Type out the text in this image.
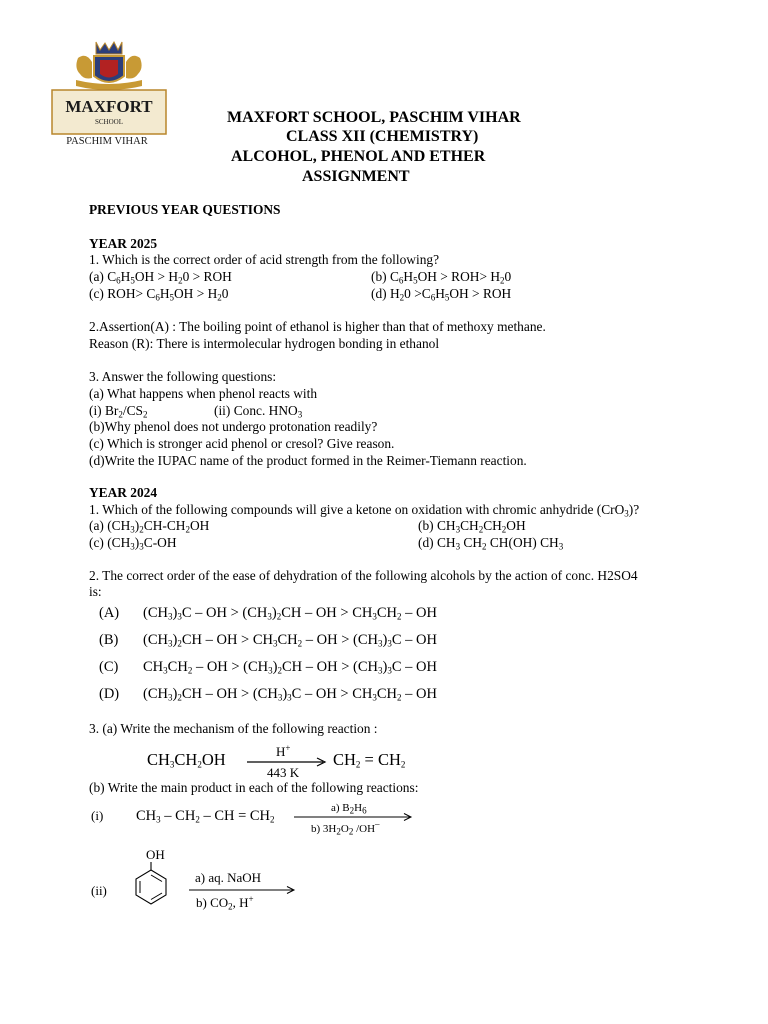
MAXFORT
SCHOOL
PASCHIM VIHAR
MAXFORT SCHOOL, PASCHIM VIHAR
CLASS XII (CHEMISTRY)
ALCOHOL, PHENOL AND ETHER
ASSIGNMENT
PREVIOUS YEAR QUESTIONS
YEAR 2025
1. Which is the correct order of acid strength from the following?
(a) $C_6H_5OH > H_20$ > ROH	(b) $C_6H_5OH > ROH> H_20$
(c) $ROH> C_6H_5OH > H_20$	(d) $H_20 >C_6H_5OH$ > ROH
2.Assertion(A) : The boiling point of ethanol is higher than that of methoxy methane.
Reason (R): There is intermolecular hydrogen bonding in ethanol
3. Answer the following questions:
(a) What happens when phenol reacts with
(i) $Br_2/CS_2$	(ii) Conc. $HNO_3$
(b)Why phenol does not undergo protonation readily?
(c) Which is stronger acid phenol or cresol? Give reason.
(d)Write the IUPAC name of the product formed in the Reimer-Tiemann reaction.
YEAR 2024
1. Which of the following compounds will give a ketone on oxidation with chromic anhydride (CrO$_3$)?
(a) $(CH_3)_2CH-CH_2OH$	(b) $CH_3CH_2CH_2OH$
(c) $(CH_3)_3C-OH$	(d) $CH_3$ $CH_2$ CH(OH) $CH_3$
2. The correct order of the ease of dehydration of the following alcohols by the action of conc. H2SO4
is:
(A) $(CH_3)_3C$ – OH > $(CH_3)_2CH$ – OH > $CH_3CH_2$ – OH
(B) $(CH_3)_2CH$ – OH > $CH_3CH_2$ – OH > $(CH_3)_3C$ – OH
(C) $CH_3CH_2$ – OH > $(CH_3)_2CH$ – OH > $(CH_3)_3C$ – OH
(D) $(CH_3)_2CH$ – OH > $(CH_3)_3C$ – OH > $CH_3CH_2$ – OH
3. (a) Write the mechanism of the following reaction :
$CH_3CH_2OH$	H+
443 K
$CH_2 = CH_2$
(b) Write the main product in each of the following reactions:
(i) $CH_3 - CH_2$ – CH = $CH_2$
a) $B_2H_6$
b) $3H_2O_2$ /OH–
OH
(ii)
a) aq. NaOH
b) $CO_2$, H+
